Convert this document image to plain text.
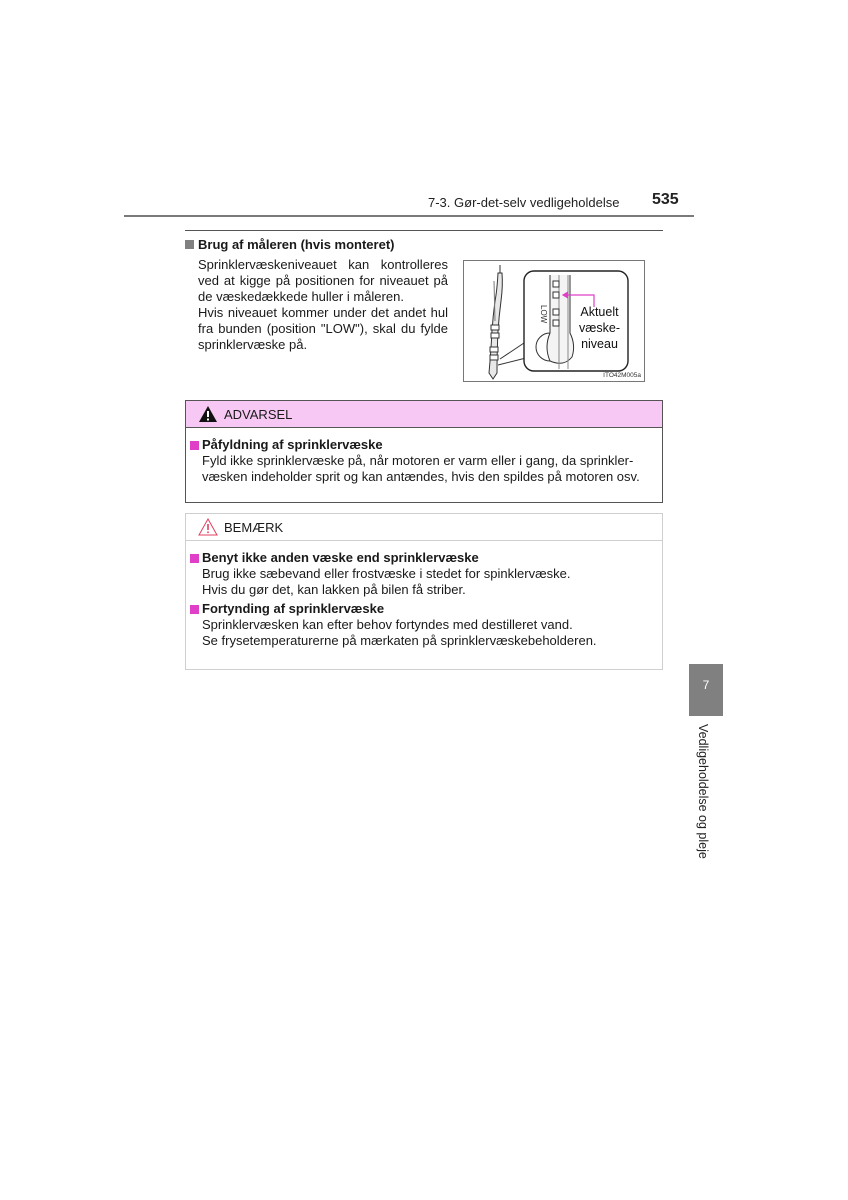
7-3. Gør-det-selv vedligeholdelse 535
Brug af måleren (hvis monteret)

Sprinklervæskeniveauet kan kontrolleres ved at kigge på positionen for niveauet på de væskedækkede huller i måleren.

Hvis niveauet kommer under det andet hul fra bunden (position "LOW"), skal du fylde sprinklervæske på.

LOW	Aktuelt
væske-
niveau
ITO42M005a
ADVARSEL
Påfyldning af sprinklervæske
Fyld ikke sprinklervæske på, når motoren er varm eller i gang, da sprinkler-væsken indeholder sprit og kan antændes, hvis den spildes på motoren osv.
BEMÆRK
Benyt ikke anden væske end sprinklervæske
Brug ikke sæbevand eller frostvæske i stedet for spinklervæske.
Hvis du gør det, kan lakken på bilen få striber.
Fortynding af sprinklervæske
Sprinklervæsken kan efter behov fortyndes med destilleret vand.
Se frysetemperaturerne på mærkaten på sprinklervæskebeholderen.
7
Vedligeholdelse og pleje
